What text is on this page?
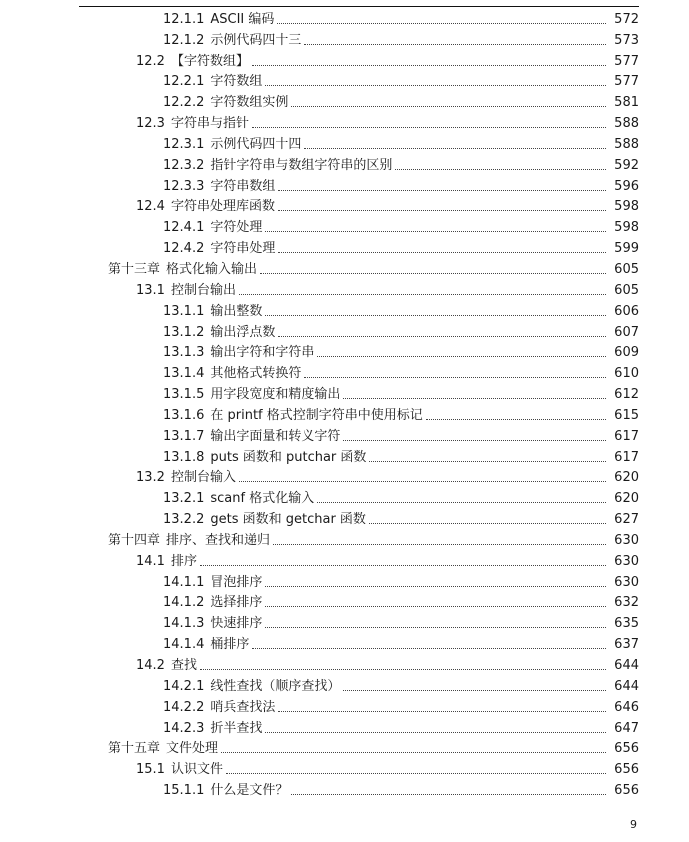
12.1.1 ASCII 编码	572
12.1.2 示例代码四十三	573
12.2 【字符数组】	577
12.2.1 字符数组	577
12.2.2 字符数组实例	581
12.3 字符串与指针	588
12.3.1 示例代码四十四	588
12.3.2 指针字符串与数组字符串的区别	592
12.3.3 字符串数组	596
12.4 字符串处理库函数	598
12.4.1 字符处理	598
12.4.2 字符串处理	599
第十三章 格式化输入输出	605
13.1 控制台输出	605
13.1.1 输出整数	606
13.1.2 输出浮点数	607
13.1.3 输出字符和字符串	609
13.1.4 其他格式转换符	610
13.1.5 用字段宽度和精度输出	612
13.1.6 在 printf 格式控制字符串中使用标记	615
13.1.7 输出字面量和转义字符	617
13.1.8 puts 函数和 putchar 函数	617
13.2 控制台输入	620
13.2.1 scanf 格式化输入	620
13.2.2 gets 函数和 getchar 函数	627
第十四章 排序、查找和递归	630
14.1 排序	630
14.1.1 冒泡排序	630
14.1.2 选择排序	632
14.1.3 快速排序	635
14.1.4 桶排序	637
14.2 查找	644
14.2.1 线性查找（顺序查找）	644
14.2.2 哨兵查找法	646
14.2.3 折半查找	647
第十五章 文件处理	656
15.1 认识文件	656
15.1.1 什么是文件？	656
9
